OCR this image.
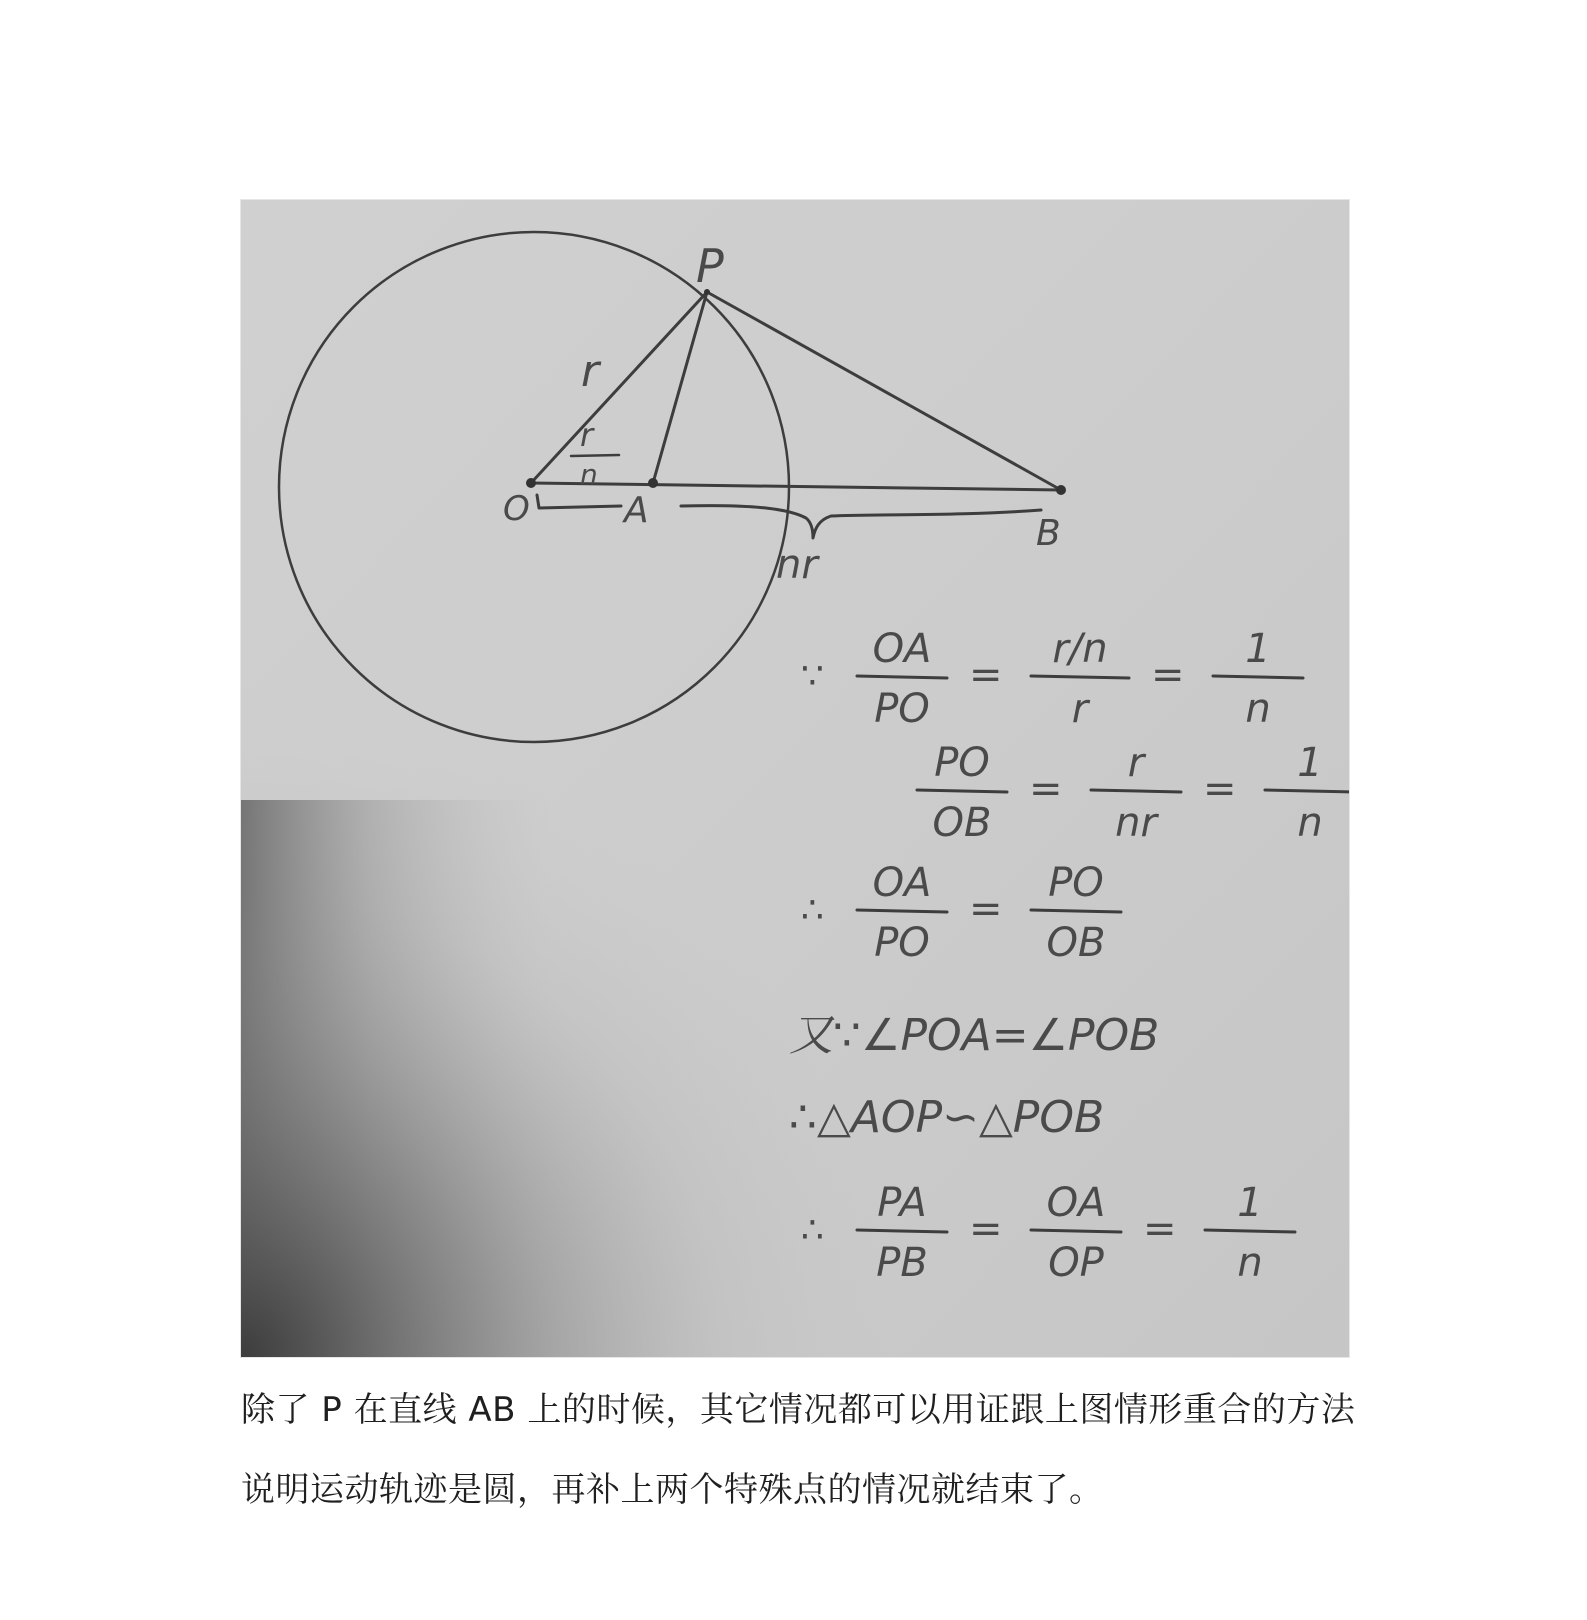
P
O	A
B
r
r
n
nr
∵
OA
PO
=
r/n
r
=
1
n
PO
OB
=
r
nr
=
1
n
∴
OA
PO
=
PO
OB
又∵∠POA=∠POB
∴△AOP∽△POB
∴
PA
PB
=
OA
OP
=
1
n
除了 P 在直线 AB 上的时候，其它情况都可以用证跟上图情形重合的方法说明运动轨迹是圆，再补上两个特殊点的情况就结束了。
